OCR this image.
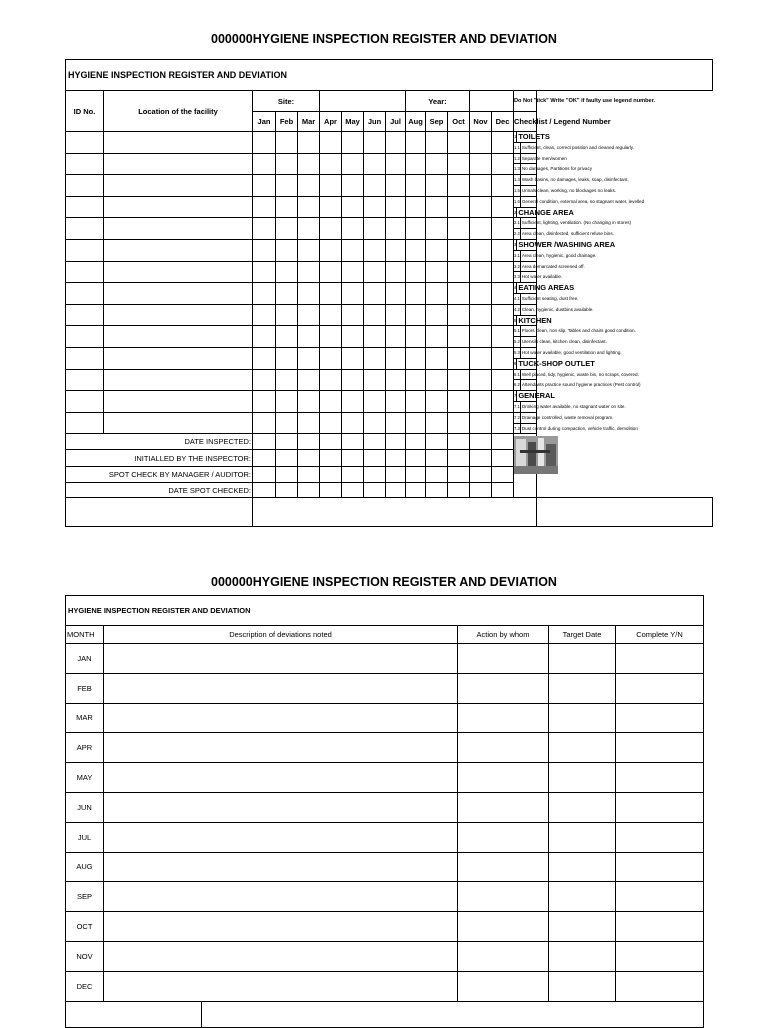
000000HYGIENE INSPECTION REGISTER AND DEVIATION
HYGIENE INSPECTION REGISTER AND DEVIATION															
ID No.	Location of the facility	Site:							Year:					Do Not "tick" Write "OK" if faulty use legend number.	
		Jan	Feb	Mar	Apr	May	Jun	Jul	Aug	Sep	Oct	Nov	Dec	Checklist / Legend Number	

														1 TOILETS	

														1.1 Sufficient, clean, correct position and cleaned regularly.	

														1.2 Separate men/women	

														1.3 No damages, Partitions for privacy	

														1.4 Wash basins, no damages, leaks, soap, disinfectant.	

														1.5 Urinals clean, working, no blockages no leaks.	

														1.6 General condition, external area, no stagnant water, levelled	

														2 CHANGE AREA	

														2.1 Sufficient, lighting, ventilation. (No changing in stores)	

														2.2 Area clean, disinfected, sufficient refuse bins.	

														3 SHOWER /WASHING AREA	

														3.1 Area clean, hygienic, good drainage.	

														3.2 Area demarcated screened off.	

														3.3 Hot water available.	

														4 EATING AREAS	

														4.1 Sufficient seating, dust free.	

														4.2 Clean, hygienic, dustbins available.	

														5 KITCHEN	

														5.1 Floors clean, non slip. Tables and chairs good condition.	

														5.2 Utensils clean, kitchen clean, disinfectant.	

														5.3 Hot water available, good ventilation and lighting.	

														6 TUCK-SHOP OUTLET	

														6.1 Well placed, tidy, hygienic, waste bin, no scraps, covered.	

														6.2 Attendants practice sound hygiene practices (Pest control)	

														7 GENERAL	

														7.1 Drinking water available, no stagnant water on site.	

														7.2 Drainage controlled, waste removal program.	

														7.3 Dust control during compaction, vehicle traffic, demolition	

DATE INSPECTED:													

INITIALLED BY THE INSPECTOR:															
SPOT CHECK BY MANAGER / AUDITOR:															
DATE SPOT CHECKED:															

000000HYGIENE INSPECTION REGISTER AND DEVIATION
HYGIENE INSPECTION REGISTER AND DEVIATION					
MONTH	Description of deviations noted		Action by whom	Target Date	Complete Y/N
JAN					
FEB					
MAR					
APR					
MAY					
JUN					
JUL					
AUG					
SEP					
OCT					
NOV					
DEC					
